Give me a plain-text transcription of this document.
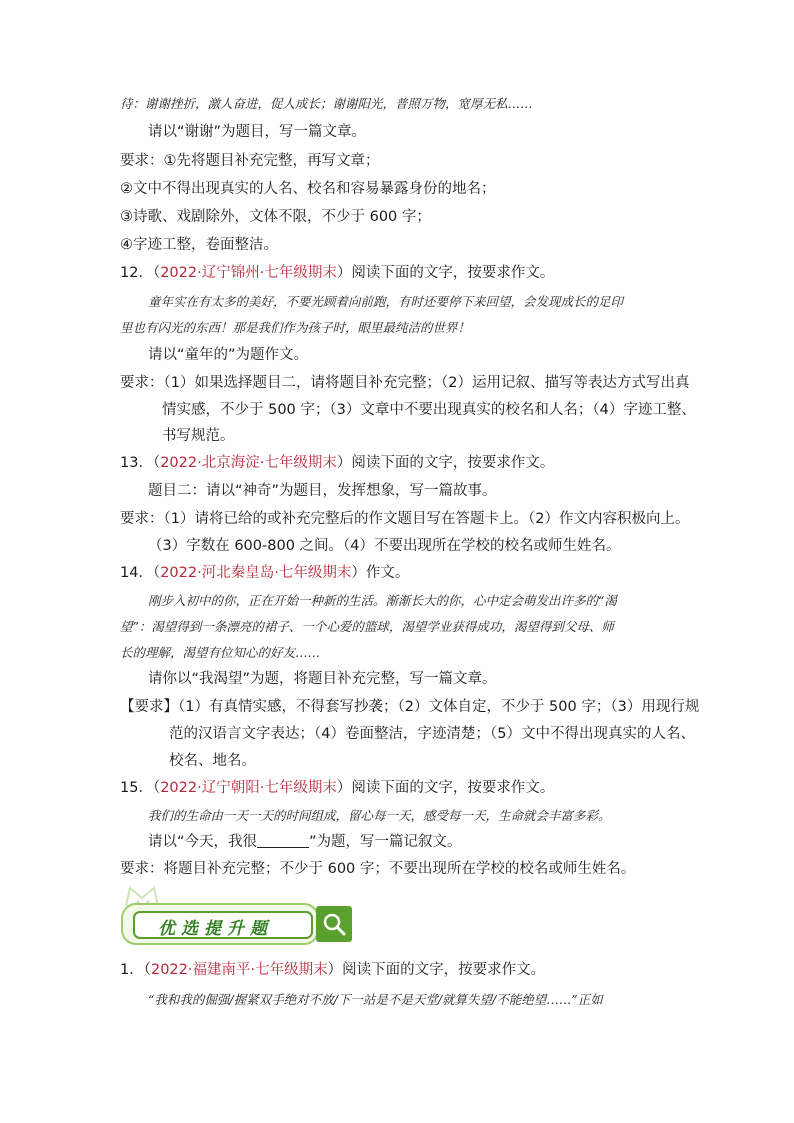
待：谢谢挫折，激人奋进，促人成长；谢谢阳光，普照万物，宽厚无私……
请以“谢谢”为题目，写一篇文章。
要求：①先将题目补充完整，再写文章；
②文中不得出现真实的人名、校名和容易暴露身份的地名；
③诗歌、戏剧除外，文体不限，不少于 600 字；
④字迹工整，卷面整洁。
12．（2022·辽宁锦州·七年级期末）阅读下面的文字，按要求作文。
童年实在有太多的美好，不要光顾着向前跑，有时还要停下来回望，会发现成长的足印
里也有闪光的东西！那是我们作为孩子时，眼里最纯洁的世界！
请以“童年的”为题作文。
要求：（1）如果选择题目二，请将题目补充完整；（2）运用记叙、描写等表达方式写出真
情实感，不少于 500 字；（3）文章中不要出现真实的校名和人名；（4）字迹工整、
书写规范。
13．（2022·北京海淀·七年级期末）阅读下面的文字，按要求作文。
题目二：请以“神奇”为题目，发挥想象，写一篇故事。
要求：（1）请将已给的或补充完整后的作文题目写在答题卡上。（2）作文内容积极向上。
（3）字数在 600-800 之间。（4）不要出现所在学校的校名或师生姓名。
14．（2022·河北秦皇岛·七年级期末）作文。
刚步入初中的你，正在开始一种新的生活。渐渐长大的你，心中定会萌发出许多的“渴
望”：渴望得到一条漂亮的裙子、一个心爱的篮球，渴望学业获得成功，渴望得到父母、师
长的理解，渴望有位知心的好友……
请你以“我渴望”为题，将题目补充完整，写一篇文章。
【要求】（1）有真情实感，不得套写抄袭；（2）文体自定，不少于 500 字；（3）用现行规
范的汉语言文字表达；（4）卷面整洁，字迹清楚；（5）文中不得出现真实的人名、
校名、地名。
15．（2022·辽宁朝阳·七年级期末）阅读下面的文字，按要求作文。
我们的生命由一天一天的时间组成，留心每一天，感受每一天，生命就会丰富多彩。
请以“今天，我很	”为题，写一篇记叙文。
要求：将题目补充完整；不少于 600 字；不要出现所在学校的校名或师生姓名。
优选提升题
1．（2022·福建南平·七年级期末）阅读下面的文字，按要求作文。
“我和我的倔强/握紧双手绝对不放/下一站是不是天堂/就算失望/不能绝望……”正如
